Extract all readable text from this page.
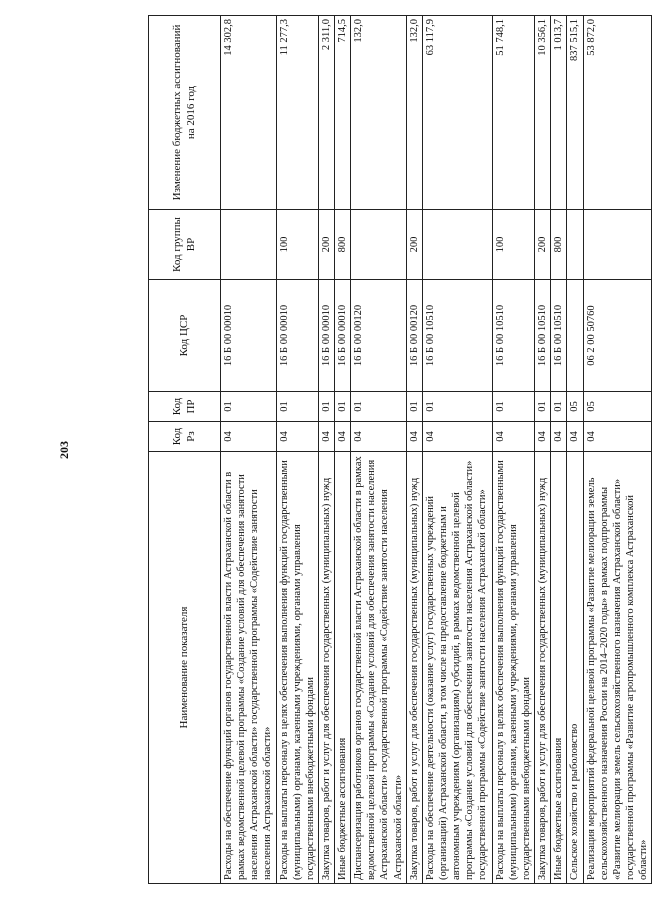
203
Наименование показателя	Код Рз	Код ПР	Код ЦСР	Код группы ВР	Изменение бюджетных ассигнований на 2016 год
Расходы на обеспечение функций органов государственной власти Астраханской области в рамках ведомственной целевой программы «Создание условий для обеспечения занятости населения Астраханской области» государственной программы «Содействие занятости населения Астраханской области»	04	01	16 Б 00 00010		14 302,8
Расходы на выплаты персоналу в целях обеспечения выполнения функций государственными (муниципальными) органами, казенными учреждениями, органами управления государственными внебюджетными фондами	04	01	16 Б 00 00010	100	11 277,3
Закупка товаров, работ и услуг для обеспечения государственных (муниципальных) нужд	04	01	16 Б 00 00010	200	2 311,0
Иные бюджетные ассигнования	04	01	16 Б 00 00010	800	714,5
Диспансеризация работников органов государственной власти Астраханской области в рамках ведомственной целевой программы «Создание условий для обеспечения занятости населения Астраханской области» государственной программы «Содействие занятости населения Астраханской области»	04	01	16 Б 00 00120		132,0
Закупка товаров, работ и услуг для обеспечения государственных (муниципальных) нужд	04	01	16 Б 00 00120	200	132,0
Расходы на обеспечение деятельности (оказание услуг) государственных учреждений (организаций) Астраханской области, в том числе на предоставление бюджетным и автономным учреждениям (организациям) субсидий, в рамках ведомственной целевой программы «Создание условий для обеспечения занятости населения Астраханской области» государственной программы «Содействие занятости населения Астраханской области»	04	01	16 Б 00 10510		63 117,9
Расходы на выплаты персоналу в целях обеспечения выполнения функций государственными (муниципальными) органами, казенными учреждениями, органами управления государственными внебюджетными фондами	04	01	16 Б 00 10510	100	51 748,1
Закупка товаров, работ и услуг для обеспечения государственных (муниципальных) нужд	04	01	16 Б 00 10510	200	10 356,1
Иные бюджетные ассигнования	04	01	16 Б 00 10510	800	1 013,7
Сельское хозяйство и рыболовство	04	05			837 515,1
Реализация мероприятий федеральной целевой программы «Развитие мелиорации земель сельскохозяйственного назначения России на 2014–2020 годы» в рамках подпрограммы «Развитие мелиорации земель сельскохозяйственного назначения Астраханской области» государственной программы «Развитие агропромышленного комплекса Астраханской области»	04	05	06 2 00 50760		53 872,0
